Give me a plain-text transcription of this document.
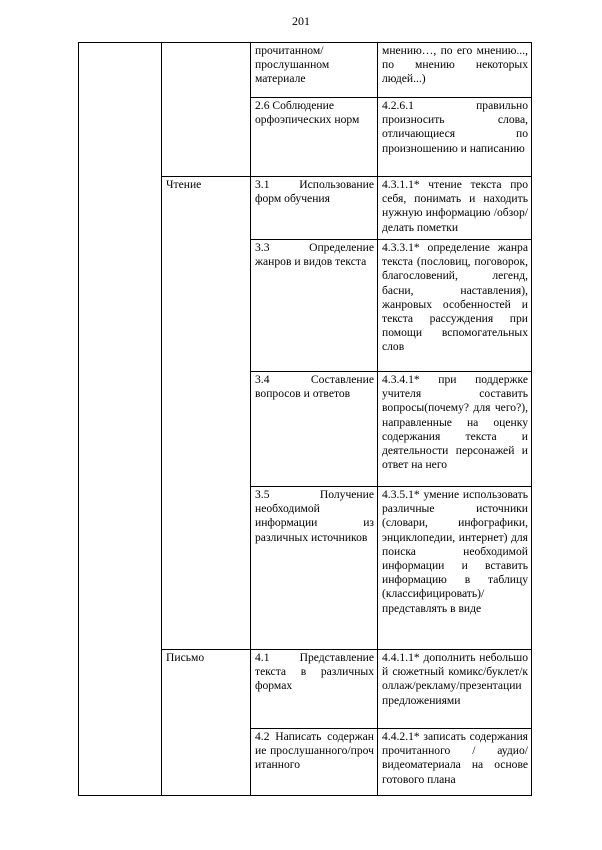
201
		прочитанном/ прослушанном материале	мнению…, по его мнению..., по мнению некоторых людей...)
		2.6 Соблюдение орфоэпических норм	4.2.6.1 правильно произносить слова, отличающиеся по произношению и написанию
	Чтение	3.1 Использование форм обучения	4.3.1.1* чтение текста про себя, понимать и находить нужную информацию /обзор/делать пометки
		3.3 Определение жанров и видов текста	4.3.3.1* определение жанра текста (пословиц, поговорок, благословений, легенд, басни, наставления), жанровых особенностей и текста рассуждения при помощи вспомогательных слов
		3.4 Составление вопросов и ответов	4.3.4.1* при поддержке учителя составить вопросы(почему? для чего?), направленные на оценку содержания текста и деятельности персонажей и ответ на него
		3.5 Получение необходимой информации из различных источников	4.3.5.1* умение использовать различные источники (словари, инфографики, энциклопедии, интернет) для поиска необходимой информации и вставить информацию в таблицу (классифицировать)/ представлять в виде
	Письмо	4.1 Представление текста в различных формах	4.4.1.1* дополнить небольшой сюжетный комикс/буклет/коллаж/рекламу/презентации предложениями
		4.2 Написать содержание прослушанного/прочитанного	4.4.2.1* записать содержания прочитанного / аудио/видеоматериала на основе готового плана
